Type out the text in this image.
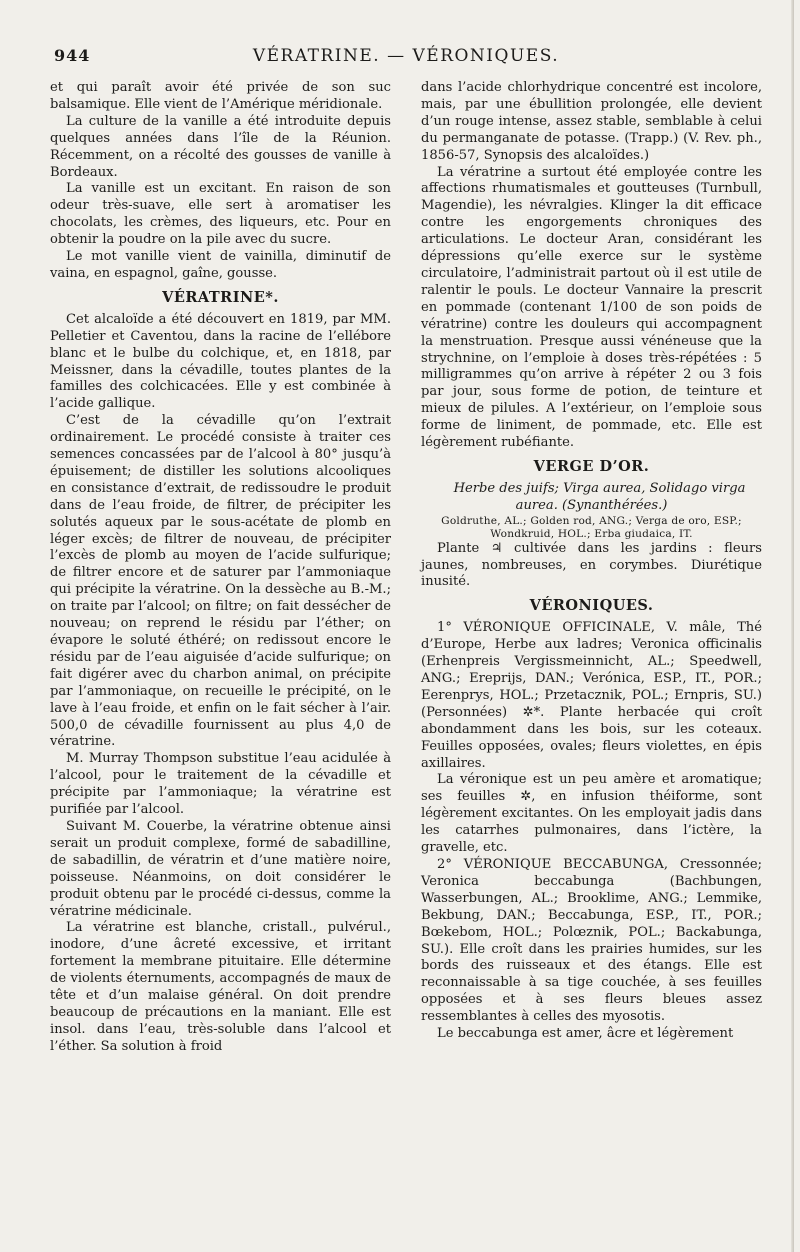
944	VÉRATRINE. — VÉRONIQUES.

et qui paraît avoir été privée de son suc balsamique. Elle vient de l’Amérique méridionale.

La culture de la vanille a été introduite depuis quelques années dans l’île de la Réunion. Récemment, on a récolté des gousses de vanille à Bordeaux.

La vanille est un excitant. En raison de son odeur très-suave, elle sert à aromatiser les chocolats, les crèmes, des liqueurs, etc. Pour en obtenir la poudre on la pile avec du sucre.

Le mot vanille vient de vainilla, diminutif de vaina, en espagnol, gaîne, gousse.

VÉRATRINE*.

Cet alcaloïde a été découvert en 1819, par MM. Pelletier et Caventou, dans la racine de l’ellébore blanc et le bulbe du colchique, et, en 1818, par Meissner, dans la cévadille, toutes plantes de la familles des colchicacées. Elle y est combinée à l’acide gallique.

C’est de la cévadille qu’on l’extrait ordinairement. Le procédé consiste à traiter ces semences concassées par de l’alcool à 80° jusqu’à épuisement; de distiller les solutions alcooliques en consistance d’extrait, de redissoudre le produit dans de l’eau froide, de filtrer, de précipiter les solutés aqueux par le sous-acétate de plomb en léger excès; de filtrer de nouveau, de précipiter l’excès de plomb au moyen de l’acide sulfurique; de filtrer encore et de saturer par l’ammoniaque qui précipite la vératrine. On la dessèche au B.-M.; on traite par l’alcool; on filtre; on fait dessécher de nouveau; on reprend le résidu par l’éther; on évapore le soluté éthéré; on redissout encore le résidu par de l’eau aiguisée d’acide sulfurique; on fait digérer avec du charbon animal, on précipite par l’ammoniaque, on recueille le précipité, on le lave à l’eau froide, et enfin on le fait sécher à l’air. 500,0 de cévadille fournissent au plus 4,0 de vératrine.

M. Murray Thompson substitue l’eau acidulée à l’alcool, pour le traitement de la cévadille et précipite par l’ammoniaque; la vératrine est purifiée par l’alcool.

Suivant M. Couerbe, la vératrine obtenue ainsi serait un produit complexe, formé de sabadilline, de sabadillin, de vératrin et d’une matière noire, poisseuse. Néanmoins, on doit considérer le produit obtenu par le procédé ci-dessus, comme la vératrine médicinale.

La vératrine est blanche, cristall., pulvérul., inodore, d’une âcreté excessive, et irritant fortement la membrane pituitaire. Elle détermine de violents éternuments, accompagnés de maux de tête et d’un malaise général. On doit prendre beaucoup de précautions en la maniant. Elle est insol. dans l’eau, très-soluble dans l’alcool et l’éther. Sa solution à froid

dans l’acide chlorhydrique concentré est incolore, mais, par une ébullition prolongée, elle devient d’un rouge intense, assez stable, semblable à celui du permanganate de potasse. (Trapp.) (V. Rev. ph., 1856-57, Synopsis des alcaloïdes.)

La vératrine a surtout été employée contre les affections rhumatismales et goutteuses (Turnbull, Magendie), les névralgies. Klinger la dit efficace contre les engorgements chroniques des articulations. Le docteur Aran, considérant les dépressions qu’elle exerce sur le système circulatoire, l’administrait partout où il est utile de ralentir le pouls. Le docteur Vannaire la prescrit en pommade (contenant 1/100 de son poids de vératrine) contre les douleurs qui accompagnent la menstruation. Presque aussi vénéneuse que la strychnine, on l’emploie à doses très-répétées : 5 milligrammes qu’on arrive à répéter 2 ou 3 fois par jour, sous forme de potion, de teinture et mieux de pilules. A l’extérieur, on l’emploie sous forme de liniment, de pommade, etc. Elle est légèrement rubéfiante.

VERGE D’OR.

Herbe des juifs; Virga aurea, Solidago virga aurea. (Synanthérées.)

Goldruthe, AL.; Golden rod, ANG.; Verga de oro, ESP.; Wondkruid, HOL.; Erba giudaica, IT.

Plante ♃ cultivée dans les jardins : fleurs jaunes, nombreuses, en corymbes. Diurétique inusité.

VÉRONIQUES.

1° VÉRONIQUE OFFICINALE, V. mâle, Thé d’Europe, Herbe aux ladres; Veronica officinalis (Erhenpreis Vergissmeinnicht, AL.; Speedwell, ANG.; Ereprijs, DAN.; Verónica, ESP., IT., POR.; Eerenprys, HOL.; Przetacznik, POL.; Ernpris, SU.) (Personnées) ✲*. Plante herbacée qui croît abondamment dans les bois, sur les coteaux. Feuilles opposées, ovales; fleurs violettes, en épis axillaires.

La véronique est un peu amère et aromatique; ses feuilles ✲, en infusion théiforme, sont légèrement excitantes. On les employait jadis dans les catarrhes pulmonaires, dans l’ictère, la gravelle, etc.

2° VÉRONIQUE BECCABUNGA, Cressonnée; Veronica beccabunga (Bachbungen, Wasserbungen, AL.; Brooklime, ANG.; Lemmike, Bekbung, DAN.; Beccabunga, ESP., IT., POR.; Bœkebom, HOL.; Polœznik, POL.; Backabunga, SU.). Elle croît dans les prairies humides, sur les bords des ruisseaux et des étangs. Elle est reconnaissable à sa tige couchée, à ses feuilles opposées et à ses fleurs bleues assez ressemblantes à celles des myosotis.

Le beccabunga est amer, âcre et légèrement
